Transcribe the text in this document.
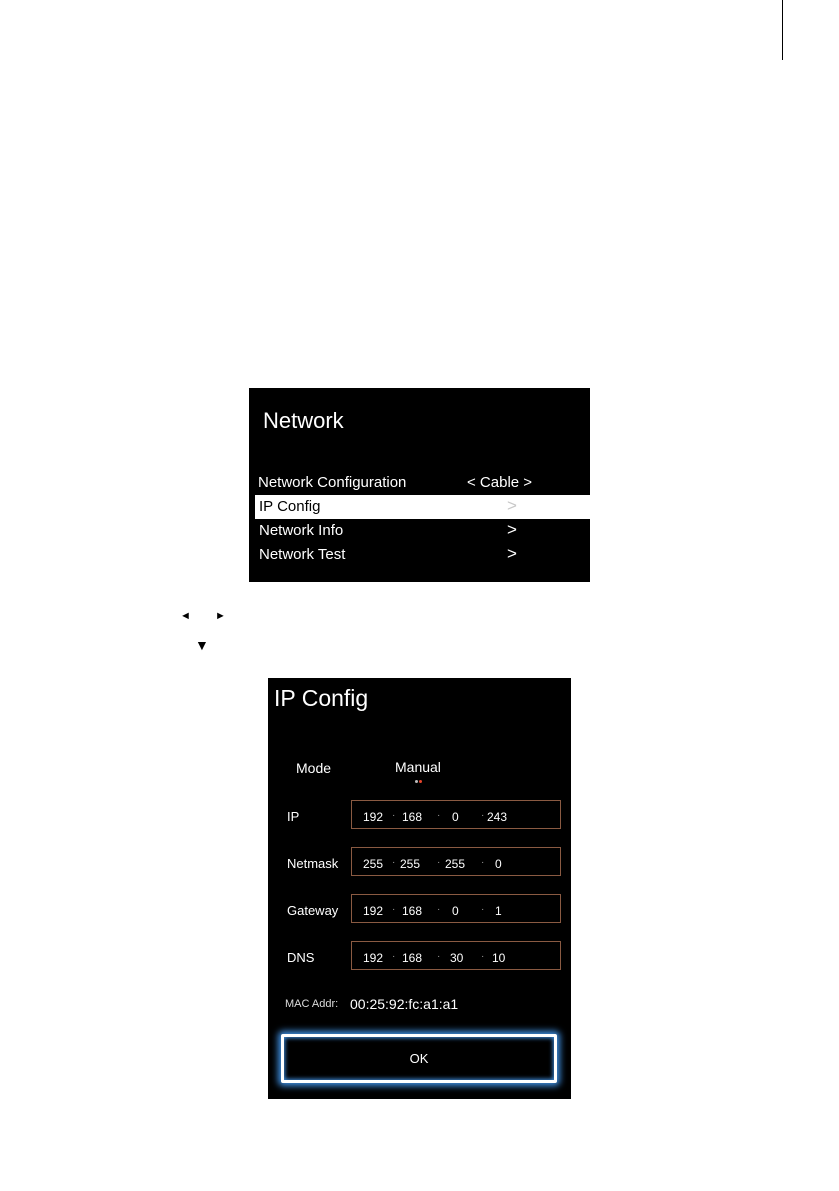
Network
Network Configuration	< Cable >
IP Config	>
Network Info	>
Network Test	>
◄ ►
▼
IP Config
Mode	Manual
IP	192 · 168 · 0 · 243
Netmask 255 · 255 · 255 · 0
Gateway 192 · 168 · 0 · 1
DNS	192 · 168 · 30 · 10
MAC Addr: 00:25:92:fc:a1:a1
OK
